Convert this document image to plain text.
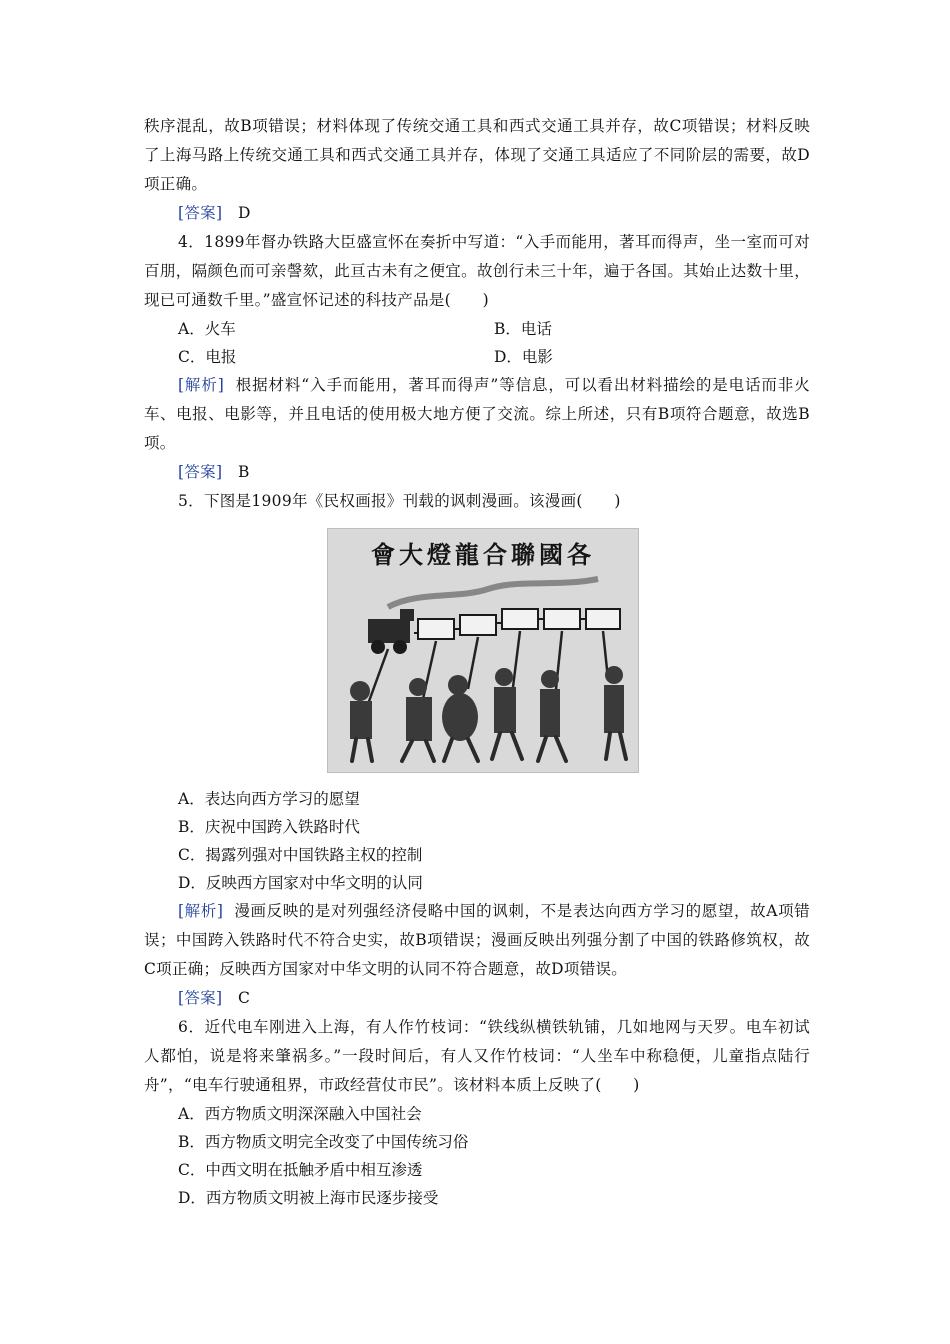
秩序混乱，故B项错误；材料体现了传统交通工具和西式交通工具并存，故C项错误；材料反映了上海马路上传统交通工具和西式交通工具并存，体现了交通工具适应了不同阶层的需要，故D项正确。

[答案] D

4．1899年督办铁路大臣盛宣怀在奏折中写道：“入手而能用，著耳而得声，坐一室而可对百朋，隔颜色而可亲謦欬，此亘古未有之便宜。故创行未三十年，遍于各国。其始止达数十里，现已可通数千里。”盛宣怀记述的科技产品是(　　)

A．火车	B．电话
C．电报	D．电影

[解析] 根据材料“入手而能用，著耳而得声”等信息，可以看出材料描绘的是电话而非火车、电报、电影等，并且电话的使用极大地方便了交流。综上所述，只有B项符合题意，故选B项。

[答案] B

5．下图是1909年《民权画报》刊载的讽刺漫画。该漫画(　　)

會大燈龍合聯國各

A．表达向西方学习的愿望

B．庆祝中国跨入铁路时代

C．揭露列强对中国铁路主权的控制

D．反映西方国家对中华文明的认同

[解析] 漫画反映的是对列强经济侵略中国的讽刺，不是表达向西方学习的愿望，故A项错误；中国跨入铁路时代不符合史实，故B项错误；漫画反映出列强分割了中国的铁路修筑权，故C项正确；反映西方国家对中华文明的认同不符合题意，故D项错误。

[答案] C

6．近代电车刚进入上海，有人作竹枝词：“铁线纵横铁轨铺，几如地网与天罗。电车初试人都怕，说是将来肇祸多。”一段时间后，有人又作竹枝词：“人坐车中称稳便，儿童指点陆行舟”，“电车行驶通租界，市政经营仗市民”。该材料本质上反映了(　　)

A．西方物质文明深深融入中国社会

B．西方物质文明完全改变了中国传统习俗

C．中西文明在抵触矛盾中相互渗透

D．西方物质文明被上海市民逐步接受
